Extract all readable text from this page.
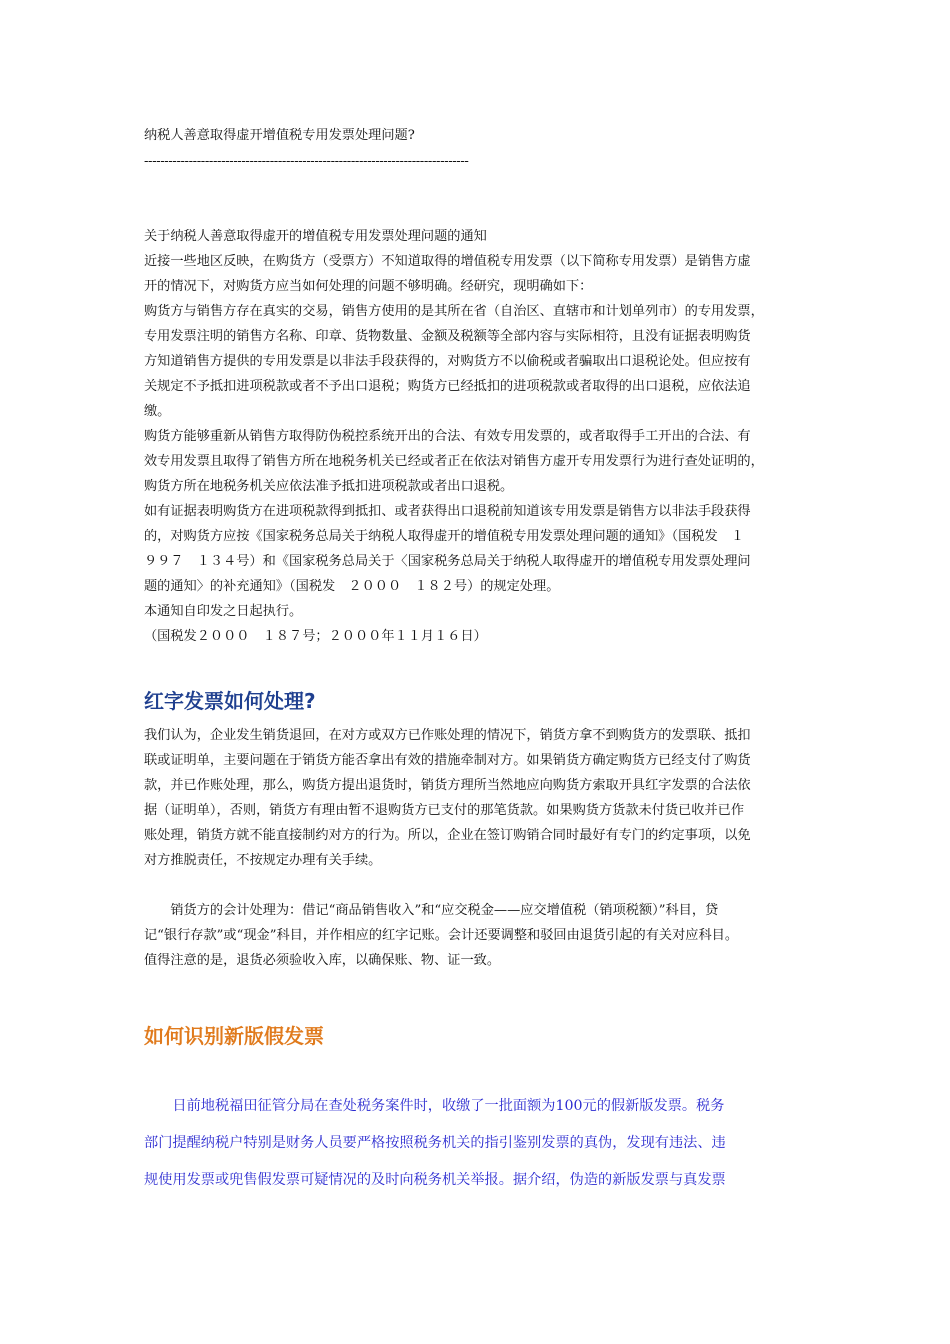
纳税人善意取得虚开增值税专用发票处理问题?
--------------------------------------------------------------------------------
关于纳税人善意取得虚开的增值税专用发票处理问题的通知
近接一些地区反映，在购货方（受票方）不知道取得的增值税专用发票（以下简称专用发票）是销售方虚
开的情况下，对购货方应当如何处理的问题不够明确。经研究，现明确如下：
购货方与销售方存在真实的交易，销售方使用的是其所在省（自治区、直辖市和计划单列市）的专用发票，
专用发票注明的销售方名称、印章、货物数量、金额及税额等全部内容与实际相符，且没有证据表明购货
方知道销售方提供的专用发票是以非法手段获得的，对购货方不以偷税或者骗取出口退税论处。但应按有
关规定不予抵扣进项税款或者不予出口退税；购货方已经抵扣的进项税款或者取得的出口退税，应依法追
缴。
购货方能够重新从销售方取得防伪税控系统开出的合法、有效专用发票的，或者取得手工开出的合法、有
效专用发票且取得了销售方所在地税务机关已经或者正在依法对销售方虚开专用发票行为进行查处证明的，
购货方所在地税务机关应依法准予抵扣进项税款或者出口退税。
如有证据表明购货方在进项税款得到抵扣、或者获得出口退税前知道该专用发票是销售方以非法手段获得
的，对购货方应按《国家税务总局关于纳税人取得虚开的增值税专用发票处理问题的通知》（国税发　１
９９７　１３４号）和《国家税务总局关于〈国家税务总局关于纳税人取得虚开的增值税专用发票处理问
题的通知〉的补充通知》（国税发　２０００　１８２号）的规定处理。
本通知自印发之日起执行。
（国税发２０００　１８７号；２０００年１１月１６日）
红字发票如何处理?
我们认为，企业发生销货退回，在对方或双方已作账处理的情况下，销货方拿不到购货方的发票联、抵扣
联或证明单，主要问题在于销货方能否拿出有效的措施牵制对方。如果销货方确定购货方已经支付了购货
款，并已作账处理，那么，购货方提出退货时，销货方理所当然地应向购货方索取开具红字发票的合法依
据（证明单），否则，销货方有理由暂不退购货方已支付的那笔货款。如果购货方货款未付货已收并已作
账处理，销货方就不能直接制约对方的行为。所以，企业在签订购销合同时最好有专门的约定事项，以免
对方推脱责任，不按规定办理有关手续。
　　销货方的会计处理为：借记“商品销售收入”和“应交税金——应交增值税（销项税额）”科目，贷
记“银行存款”或“现金”科目，并作相应的红字记账。会计还要调整和驳回由退货引起的有关对应科目。
值得注意的是，退货必须验收入库，以确保账、物、证一致。
如何识别新版假发票
　　日前地税福田征管分局在查处税务案件时，收缴了一批面额为100元的假新版发票。税务
部门提醒纳税户特别是财务人员要严格按照税务机关的指引鉴别发票的真伪，发现有违法、违
规使用发票或兜售假发票可疑情况的及时向税务机关举报。据介绍，伪造的新版发票与真发票
